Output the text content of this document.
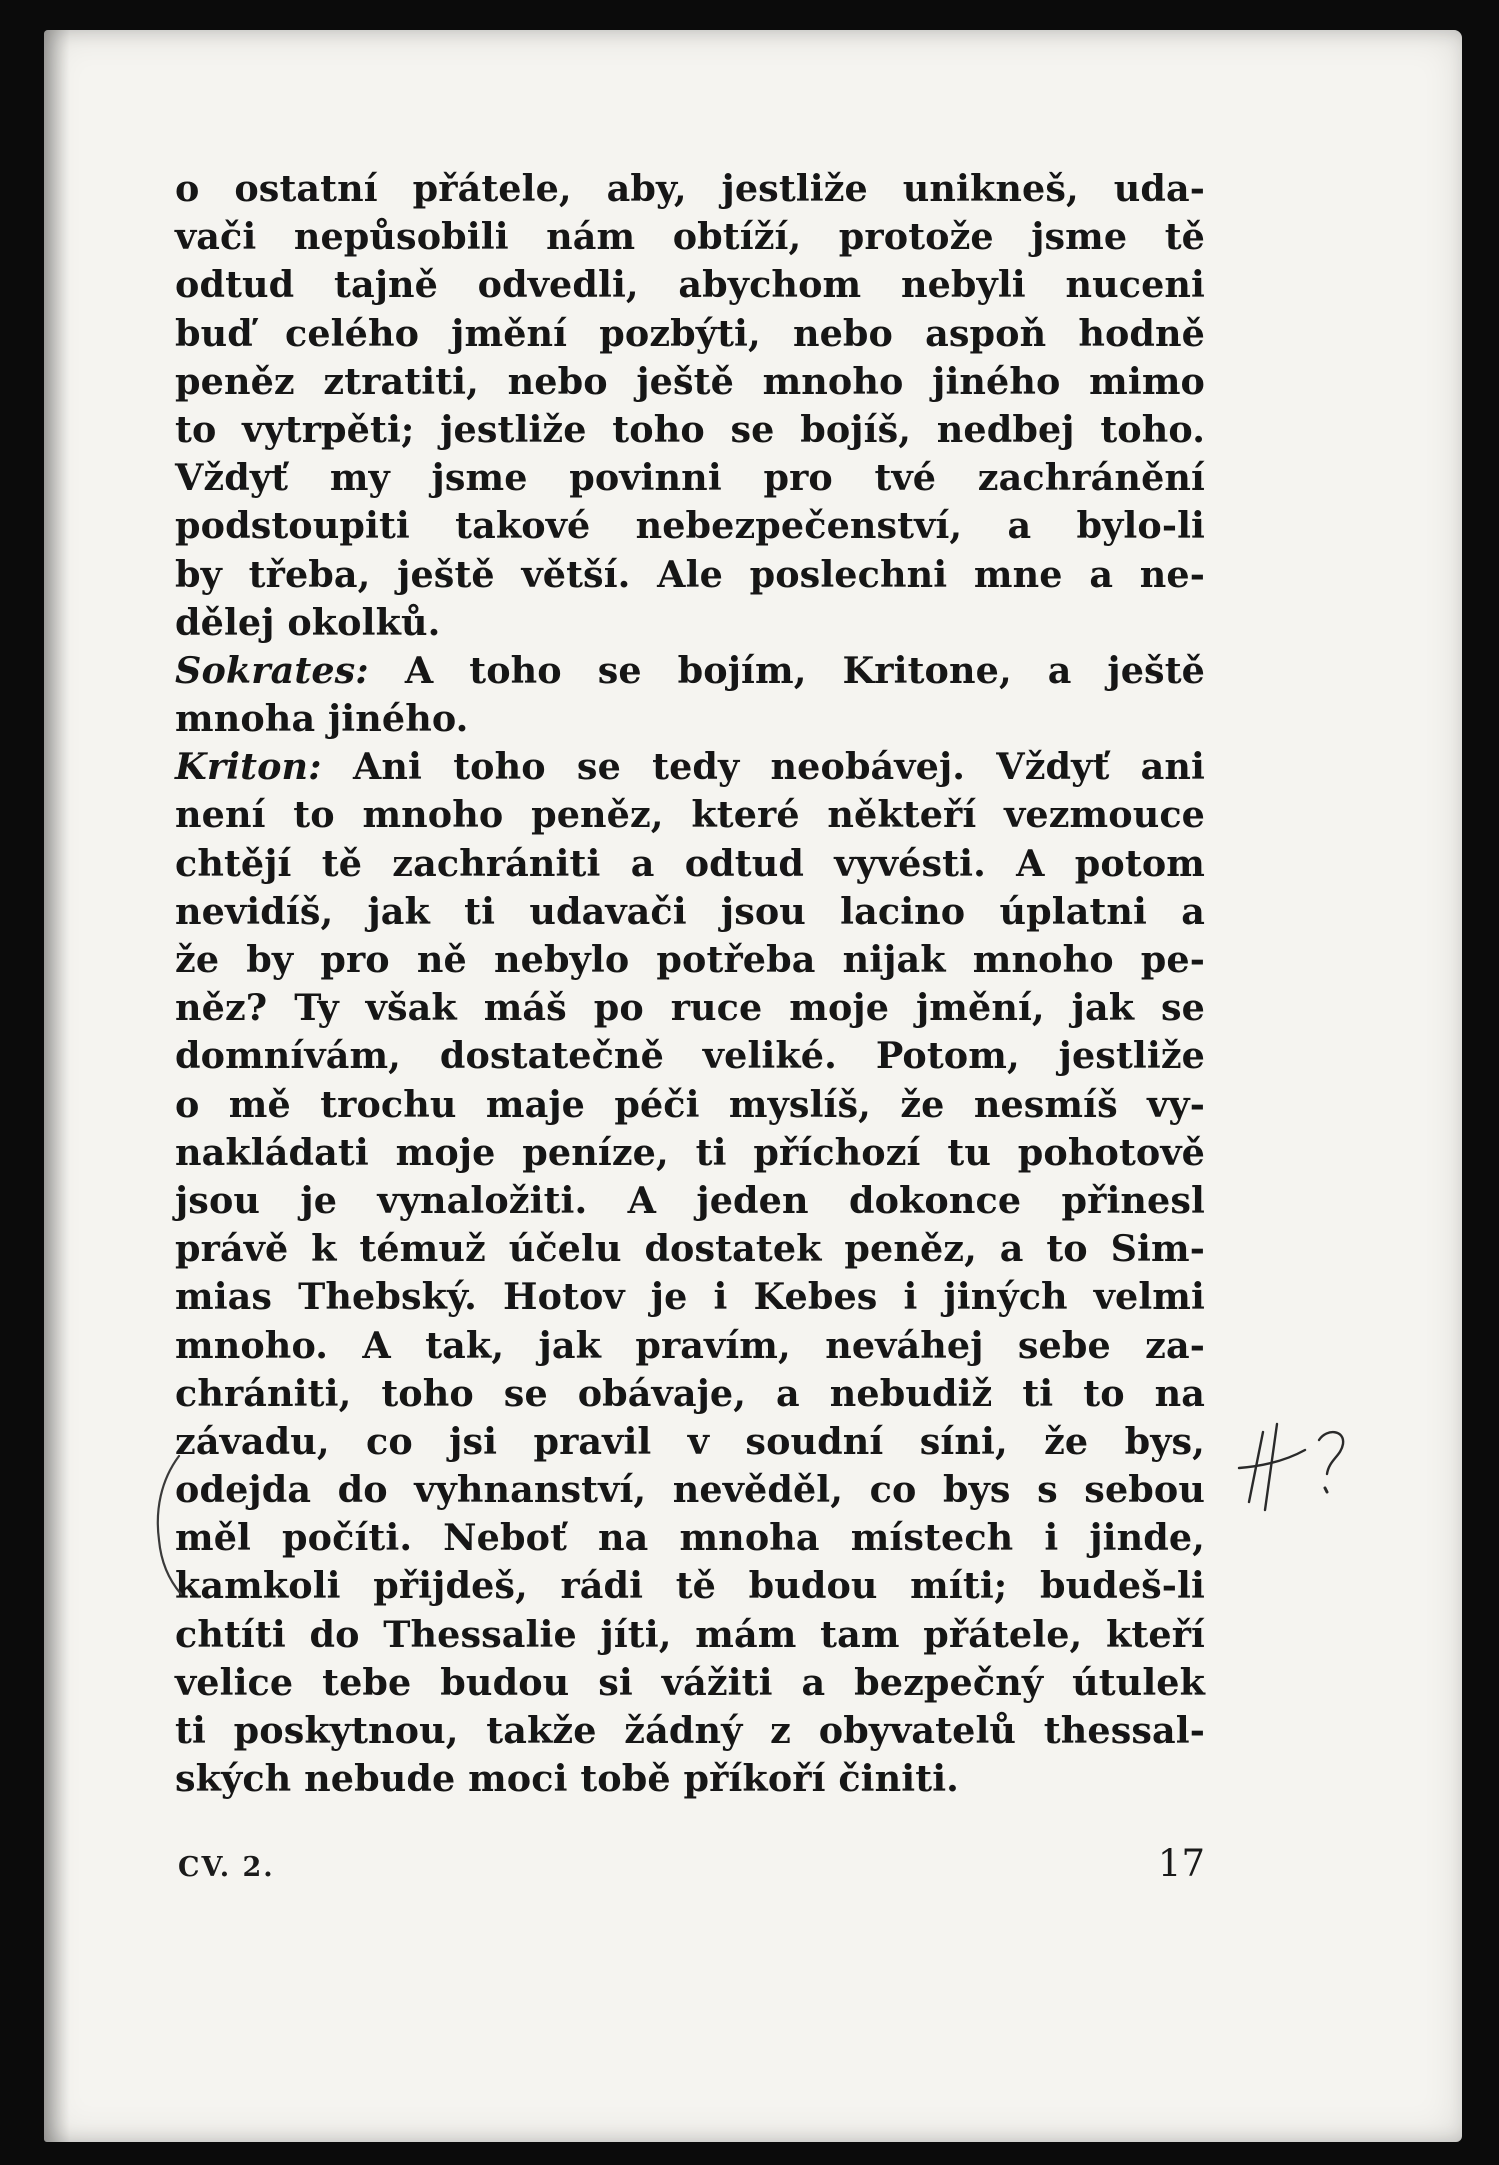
o ostatní přátele, aby, jestliže unikneš, uda-
vači nepůsobili nám obtíží, protože jsme tě
odtud tajně odvedli, abychom nebyli nuceni
buď celého jmění pozbýti, nebo aspoň hodně
peněz ztratiti, nebo ještě mnoho jiného mimo
to vytrpěti; jestliže toho se bojíš, nedbej toho.
Vždyť my jsme povinni pro tvé zachránění
podstoupiti takové nebezpečenství, a bylo-li
by třeba, ještě větší. Ale poslechni mne a ne-
dělej okolků.
Sokrates: A toho se bojím, Kritone, a ještě
mnoha jiného.
Kriton: Ani toho se tedy neobávej. Vždyť ani
není to mnoho peněz, které někteří vezmouce
chtějí tě zachrániti a odtud vyvésti. A potom
nevidíš, jak ti udavači jsou lacino úplatni a
že by pro ně nebylo potřeba nijak mnoho pe-
něz? Ty však máš po ruce moje jmění, jak se
domnívám, dostatečně veliké. Potom, jestliže
o mě trochu maje péči myslíš, že nesmíš vy-
nakládati moje peníze, ti příchozí tu pohotově
jsou je vynaložiti. A jeden dokonce přinesl
právě k témuž účelu dostatek peněz, a to Sim-
mias Thebský. Hotov je i Kebes i jiných velmi
mnoho. A tak, jak pravím, neváhej sebe za-
chrániti, toho se obávaje, a nebudiž ti to na
závadu, co jsi pravil v soudní síni, že bys,
odejda do vyhnanství, nevěděl, co bys s sebou
měl počíti. Neboť na mnoha místech i jinde,
kamkoli přijdeš, rádi tě budou míti; budeš-li
chtíti do Thessalie jíti, mám tam přátele, kteří
velice tebe budou si vážiti a bezpečný útulek
ti poskytnou, takže žádný z obyvatelů thessal-
ských nebude moci tobě příkoří činiti.
CV. 2.	17
